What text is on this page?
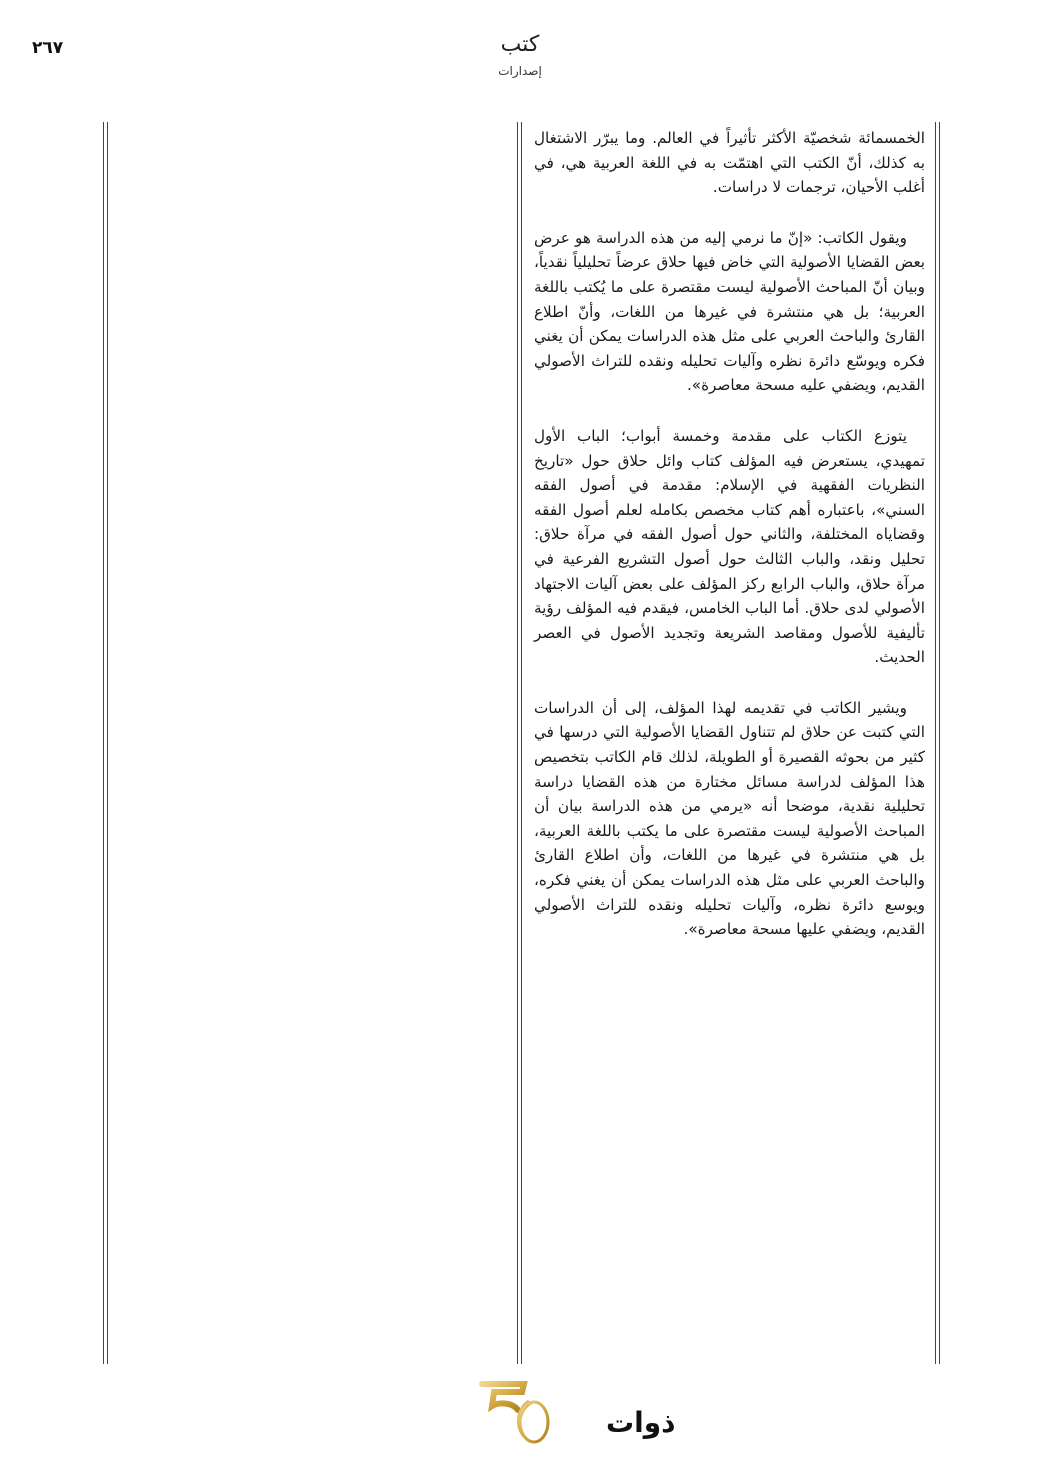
٢٦٧	كتب
إصدارات

الخمسمائة شخصيّة الأكثر تأثيراً في العالم. وما يبرّر الاشتغال به كذلك، أنّ الكتب التي اهتمّت به في اللغة العربية هي، في أغلب الأحيان، ترجمات لا دراسات.

ويقول الكاتب: «إنّ ما نرمي إليه من هذه الدراسة هو عرض بعض القضايا الأصولية التي خاض فيها حلاق عرضاً تحليلياً نقدياً، وبيان أنّ المباحث الأصولية ليست مقتصرة على ما يُكتب باللغة العربية؛ بل هي منتشرة في غيرها من اللغات، وأنّ اطلاع القارئ والباحث العربي على مثل هذه الدراسات يمكن أن يغني فكره ويوسّع دائرة نظره وآليات تحليله ونقده للتراث الأصولي القديم، ويضفي عليه مسحة معاصرة».

يتوزع الكتاب على مقدمة وخمسة أبواب؛ الباب الأول تمهيدي، يستعرض فيه المؤلف كتاب وائل حلاق حول «تاريخ النظريات الفقهية في الإسلام: مقدمة في أصول الفقه السني»، باعتباره أهم كتاب مخصص بكامله لعلم أصول الفقه وقضاياه المختلفة، والثاني حول أصول الفقه في مرآة حلاق: تحليل ونقد، والباب الثالث حول أصول التشريع الفرعية في مرآة حلاق، والباب الرابع ركز المؤلف على بعض آليات الاجتهاد الأصولي لدى حلاق. أما الباب الخامس، فيقدم فيه المؤلف رؤية تأليفية للأصول ومقاصد الشريعة وتجديد الأصول في العصر الحديث.

ويشير الكاتب في تقديمه لهذا المؤلف، إلى أن الدراسات التي كتبت عن حلاق لم تتناول القضايا الأصولية التي درسها في كثير من بحوثه القصيرة أو الطويلة، لذلك قام الكاتب بتخصيص هذا المؤلف لدراسة مسائل مختارة من هذه القضايا دراسة تحليلية نقدية، موضحا أنه «يرمي من هذه الدراسة بيان أن المباحث الأصولية ليست مقتصرة على ما يكتب باللغة العربية، بل هي منتشرة في غيرها من اللغات، وأن اطلاع القارئ والباحث العربي على مثل هذه الدراسات يمكن أن يغني فكره، ويوسع دائرة نظره، وآليات تحليله ونقده للتراث الأصولي القديم، ويضفي عليها مسحة معاصرة».

ذوات
